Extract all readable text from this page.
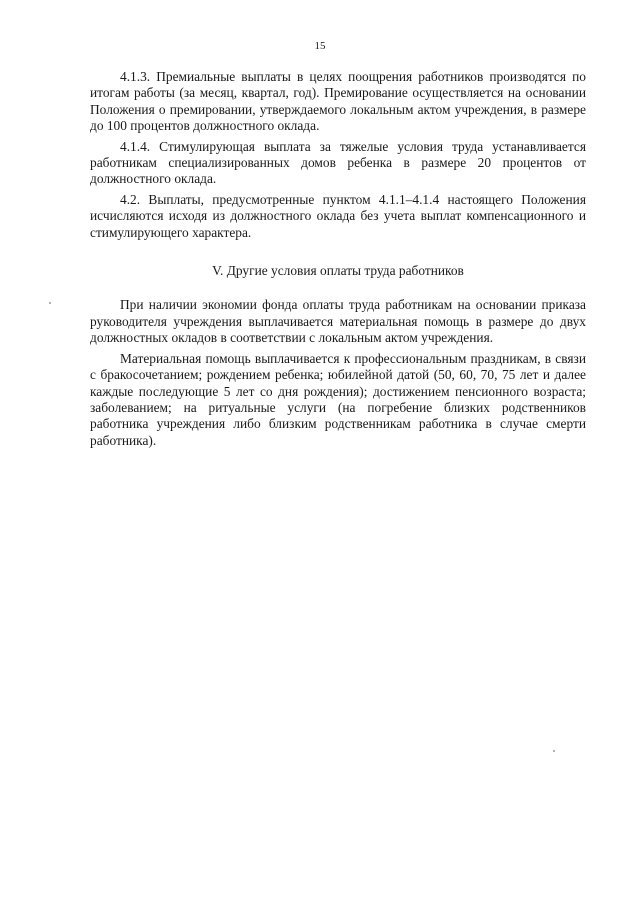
15

4.1.3. Премиальные выплаты в целях поощрения работников производятся по итогам работы (за месяц, квартал, год). Премирование осуществляется на основании Положения о премировании, утверждаемого локальным актом учреждения, в размере до 100 процентов должностного оклада.

4.1.4. Стимулирующая выплата за тяжелые условия труда устанавливается работникам специализированных домов ребенка в размере 20 процентов от должностного оклада.

4.2. Выплаты, предусмотренные пунктом 4.1.1–4.1.4 настоящего Положения исчисляются исходя из должностного оклада без учета выплат компенсационного и стимулирующего характера.

V. Другие условия оплаты труда работников

При наличии экономии фонда оплаты труда работникам на основании приказа руководителя учреждения выплачивается материальная помощь в размере до двух должностных окладов в соответствии с локальным актом учреждения.

Материальная помощь выплачивается к профессиональным праздникам, в связи с бракосочетанием; рождением ребенка; юбилейной датой (50, 60, 70, 75 лет и далее каждые последующие 5 лет со дня рождения); достижением пенсионного возраста; заболеванием; на ритуальные услуги (на погребение близких родственников работника учреждения либо близким родственникам работника в случае смерти работника).
